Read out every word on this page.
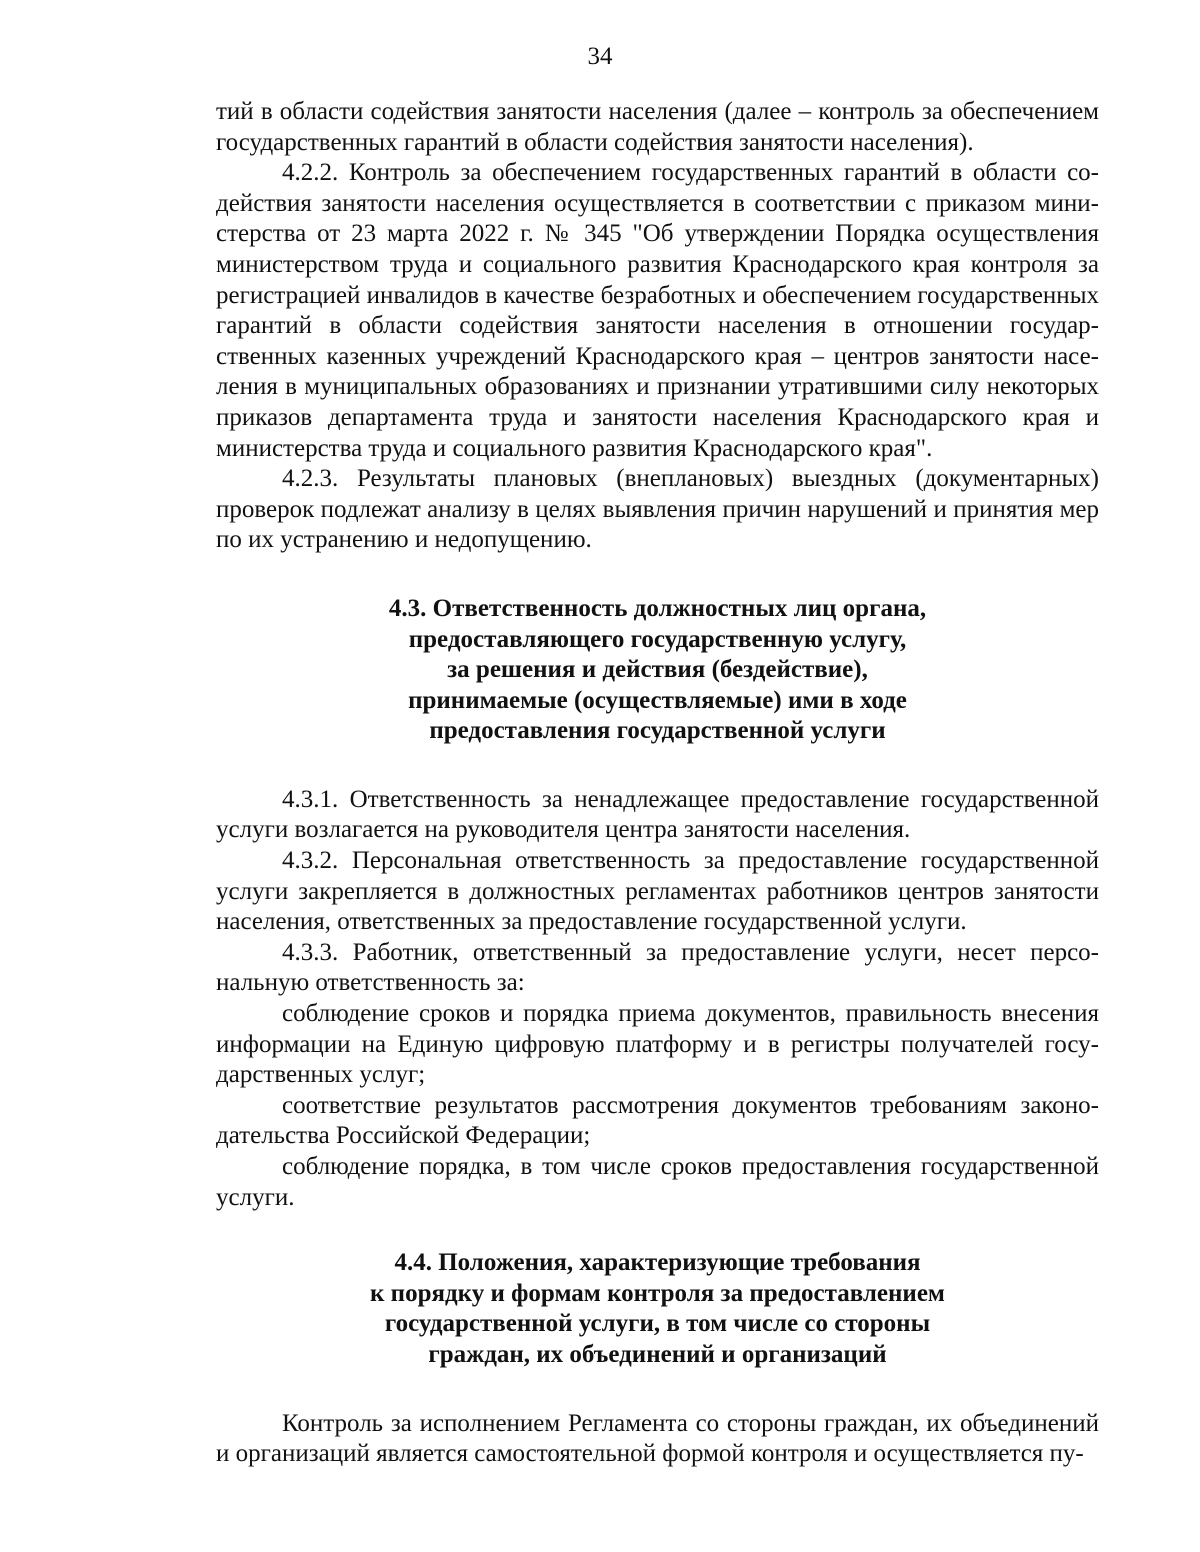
34

тий в области содействия занятости населения (далее – контроль за обеспечением государственных гарантий в области содействия занятости населения).

4.2.2. Контроль за обеспечением государственных гарантий в области содействия занятости населения осуществляется в соответствии с приказом министерства от 23 марта 2022 г. № 345 "Об утверждении Порядка осуществления министерством труда и социального развития Краснодарского края контроля за регистрацией инвалидов в качестве безработных и обеспечением государственных гарантий в области содействия занятости населения в отношении государственных казенных учреждений Краснодарского края – центров занятости населения в муниципальных образованиях и признании утратившими силу некоторых приказов департамента труда и занятости населения Краснодарского края и министерства труда и социального развития Краснодарского края".

4.2.3. Результаты плановых (внеплановых) выездных (документарных) проверок подлежат анализу в целях выявления причин нарушений и принятия мер по их устранению и недопущению.

4.3. Ответственность должностных лиц органа,
предоставляющего государственную услугу,
за решения и действия (бездействие),
принимаемые (осуществляемые) ими в ходе
предоставления государственной услуги

4.3.1. Ответственность за ненадлежащее предоставление государственной услуги возлагается на руководителя центра занятости населения.

4.3.2. Персональная ответственность за предоставление государственной услуги закрепляется в должностных регламентах работников центров занятости населения, ответственных за предоставление государственной услуги.

4.3.3. Работник, ответственный за предоставление услуги, несет персональную ответственность за:

соблюдение сроков и порядка приема документов, правильность внесения информации на Единую цифровую платформу и в регистры получателей государственных услуг;

соответствие результатов рассмотрения документов требованиям законодательства Российской Федерации;

соблюдение порядка, в том числе сроков предоставления государственной услуги.

4.4. Положения, характеризующие требования
к порядку и формам контроля за предоставлением
государственной услуги, в том числе со стороны
граждан, их объединений и организаций

Контроль за исполнением Регламента со стороны граждан, их объединений и организаций является самостоятельной формой контроля и осуществляется пу-
